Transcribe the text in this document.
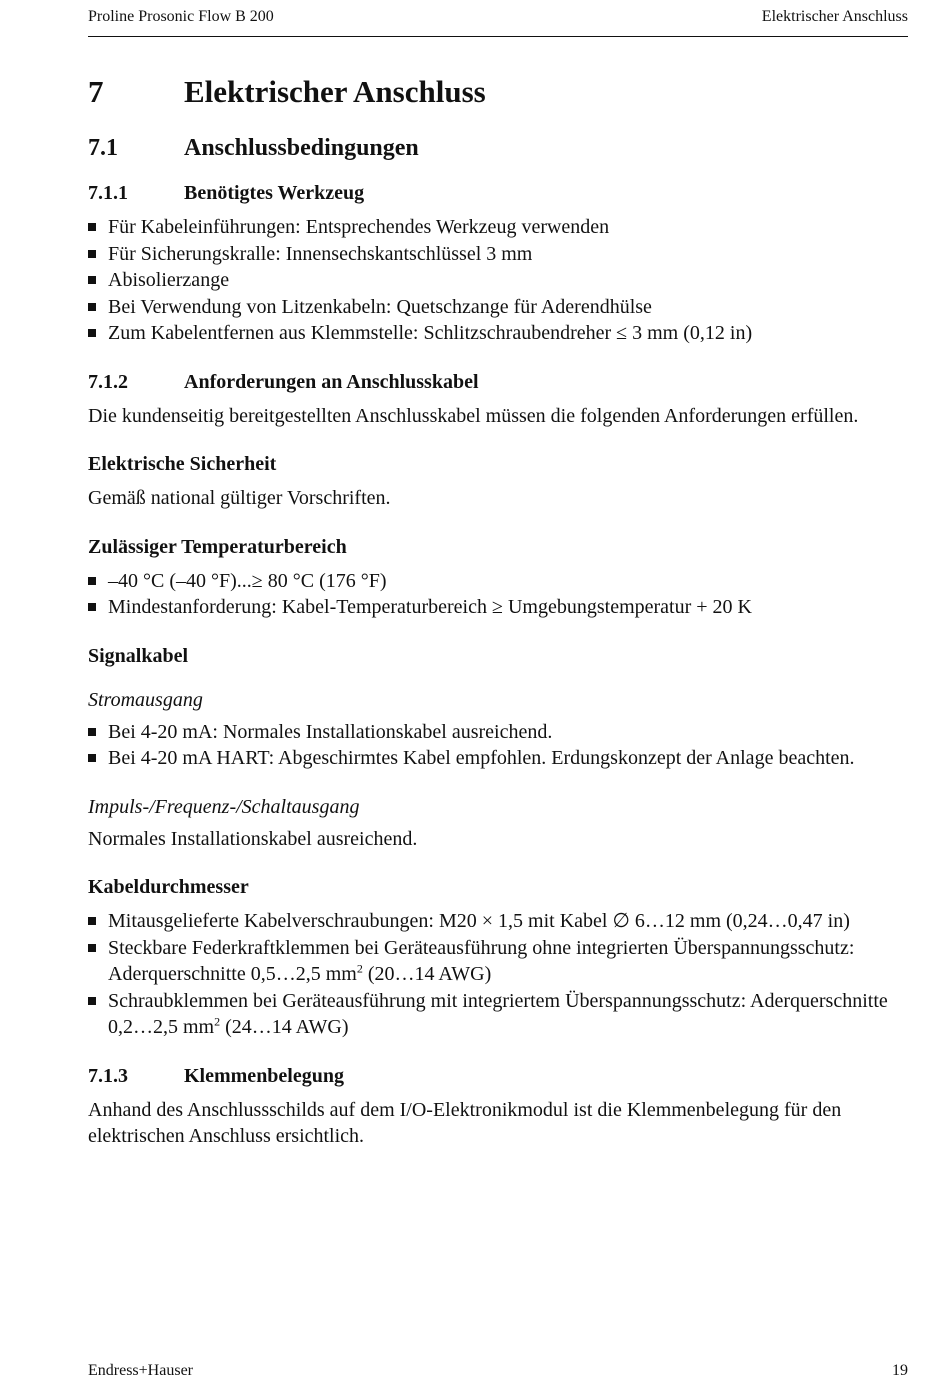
Proline Prosonic Flow B 200	Elektrischer Anschluss
7	Elektrischer Anschluss
7.1	Anschlussbedingungen
7.1.1	Benötigtes Werkzeug
Für Kabeleinführungen: Entsprechendes Werkzeug verwenden
Für Sicherungskralle: Innensechskantschlüssel 3 mm
Abisolierzange
Bei Verwendung von Litzenkabeln: Quetschzange für Aderendhülse
Zum Kabelentfernen aus Klemmstelle: Schlitzschraubendreher ≤ 3 mm (0,12 in)
7.1.2	Anforderungen an Anschlusskabel

Die kundenseitig bereitgestellten Anschlusskabel müssen die folgenden Anforderungen erfüllen.

Elektrische Sicherheit

Gemäß national gültiger Vorschriften.

Zulässiger Temperaturbereich
–40 °C (–40 °F)...≥ 80 °C (176 °F)
Mindestanforderung: Kabel-Temperaturbereich ≥ Umgebungstemperatur + 20 K
Signalkabel
Stromausgang
Bei 4-20 mA: Normales Installationskabel ausreichend.
Bei 4-20 mA HART: Abgeschirmtes Kabel empfohlen. Erdungskonzept der Anlage beachten.
Impuls-/Frequenz-/Schaltausgang

Normales Installationskabel ausreichend.

Kabeldurchmesser
Mitausgelieferte Kabelverschraubungen: M20 × 1,5 mit Kabel ∅ 6…12 mm (0,24…0,47 in)
Steckbare Federkraftklemmen bei Geräteausführung ohne integrierten Überspannungsschutz: Aderquerschnitte 0,5…2,5 $mm^2$ (20…14 AWG)
Schraubklemmen bei Geräteausführung mit integriertem Überspannungsschutz: Aderquerschnitte 0,2…2,5 $mm^2$ (24…14 AWG)
7.1.3	Klemmenbelegung

Anhand des Anschlussschilds auf dem I/O-Elektronikmodul ist die Klemmenbelegung für den elektrischen Anschluss ersichtlich.

Endress+Hauser	19
